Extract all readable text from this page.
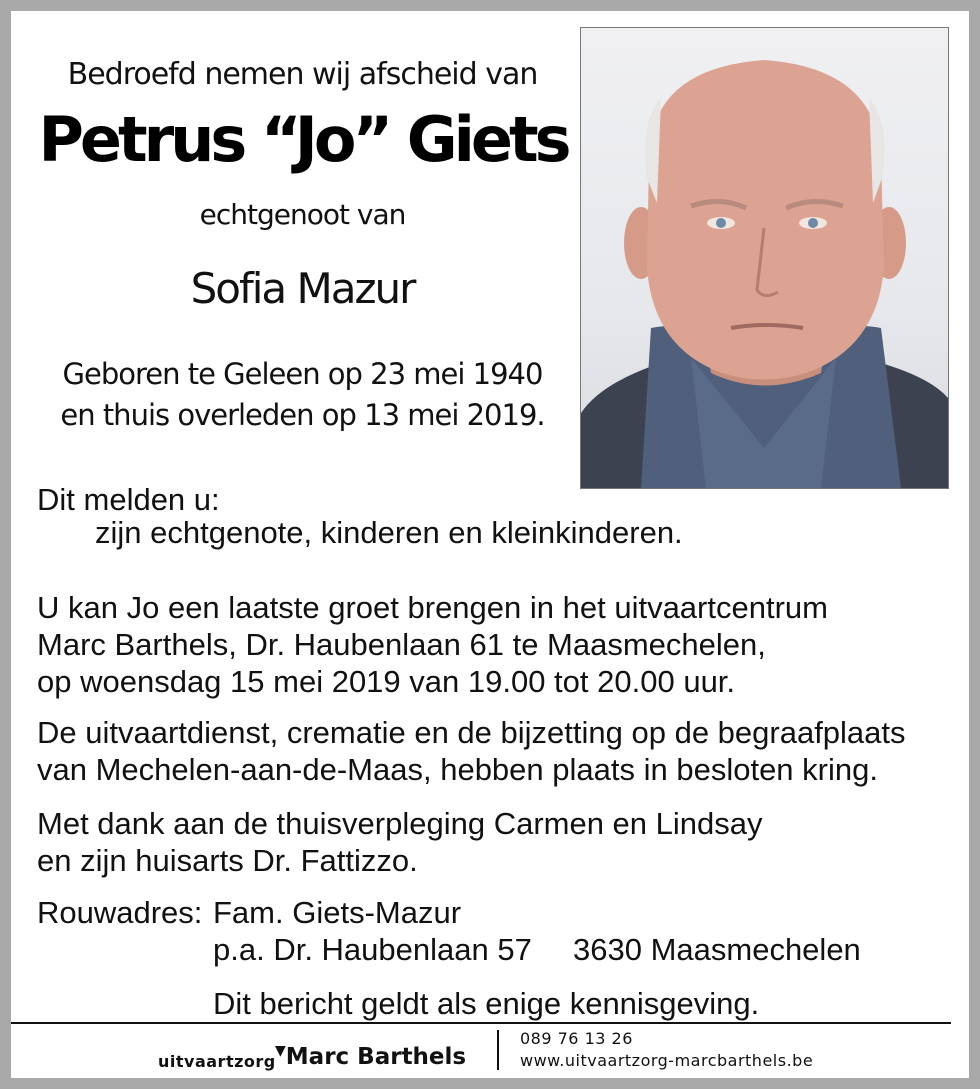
Bedroefd nemen wij afscheid van
Petrus “Jo” Giets
echtgenoot van
Sofia Mazur
Geboren te Geleen op 23 mei 1940
en thuis overleden op 13 mei 2019.
Dit melden u:
zijn echtgenote, kinderen en kleinkinderen.
U kan Jo een laatste groet brengen in het uitvaartcentrum
Marc Barthels, Dr. Haubenlaan 61 te Maasmechelen,
op woensdag 15 mei 2019 van 19.00 tot 20.00 uur.
De uitvaartdienst, crematie en de bijzetting op de begraafplaats
van Mechelen-aan-de-Maas, hebben plaats in besloten kring.
Met dank aan de thuisverpleging Carmen en Lindsay
en zijn huisarts Dr. Fattizzo.
Rouwadres: Fam. Giets-Mazur
p.a. Dr. Haubenlaan 57 3630 Maasmechelen
Dit bericht geldt als enige kennisgeving.
uitvaartzorg
▼Marc Barthels
089 76 13 26
www.uitvaartzorg-marcbarthels.be
